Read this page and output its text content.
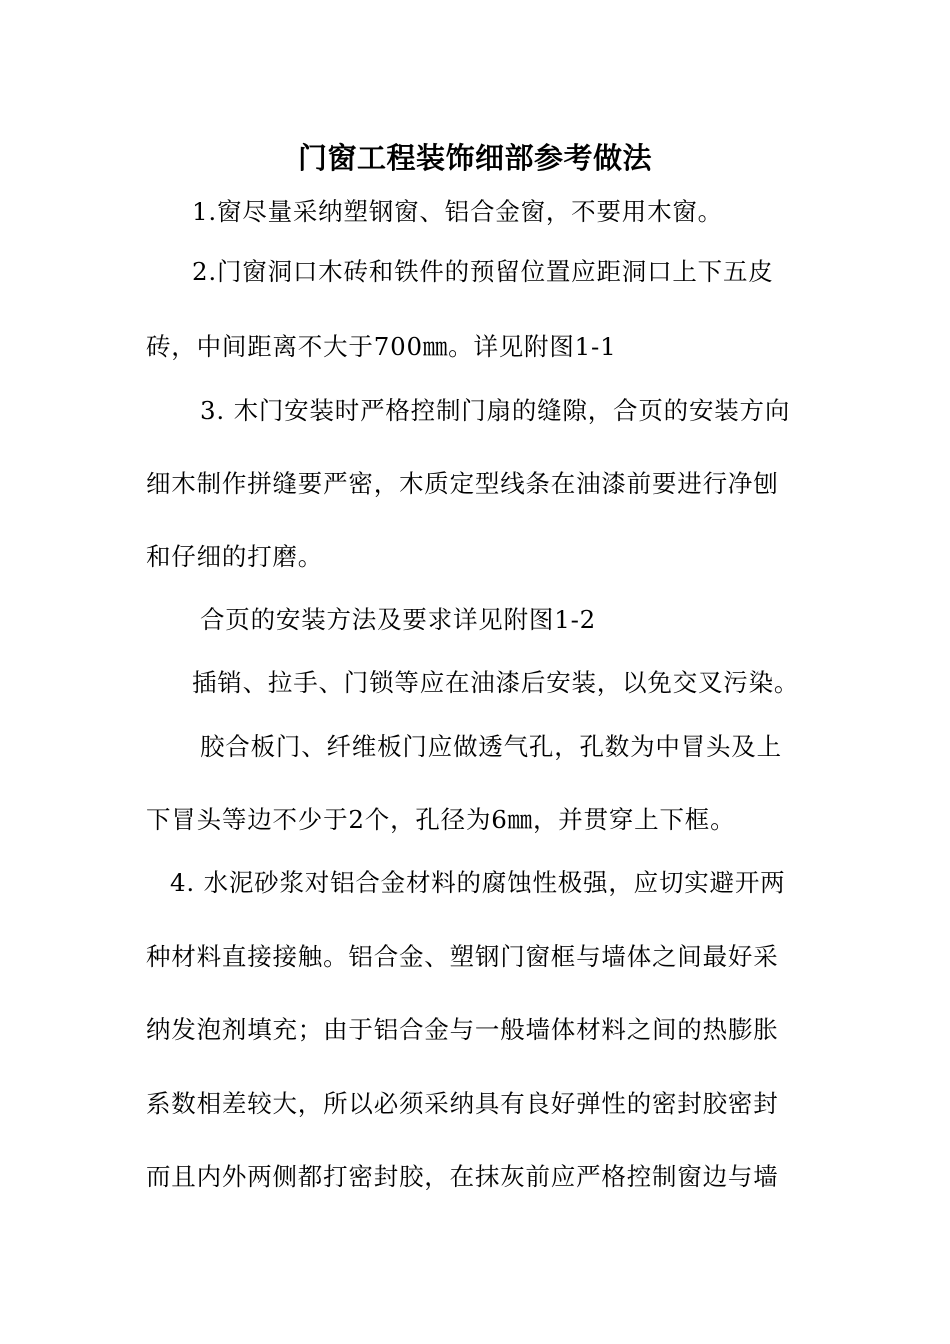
门窗工程装饰细部参考做法
1.窗尽量采纳塑钢窗、铝合金窗，不要用木窗。
2.门窗洞口木砖和铁件的预留位置应距洞口上下五皮
砖，中间距离不大于700㎜。详见附图1-1
3. 木门安装时严格控制门扇的缝隙，合页的安装方向
细木制作拼缝要严密，木质定型线条在油漆前要进行净刨
和仔细的打磨。
合页的安装方法及要求详见附图1-2
插销、拉手、门锁等应在油漆后安装，以免交叉污染。
胶合板门、纤维板门应做透气孔，孔数为中冒头及上
下冒头等边不少于2个，孔径为6㎜，并贯穿上下框。
4. 水泥砂浆对铝合金材料的腐蚀性极强，应切实避开两
种材料直接接触。铝合金、塑钢门窗框与墙体之间最好采
纳发泡剂填充；由于铝合金与一般墙体材料之间的热膨胀
系数相差较大，所以必须采纳具有良好弹性的密封胶密封
而且内外两侧都打密封胶，在抹灰前应严格控制窗边与墙
